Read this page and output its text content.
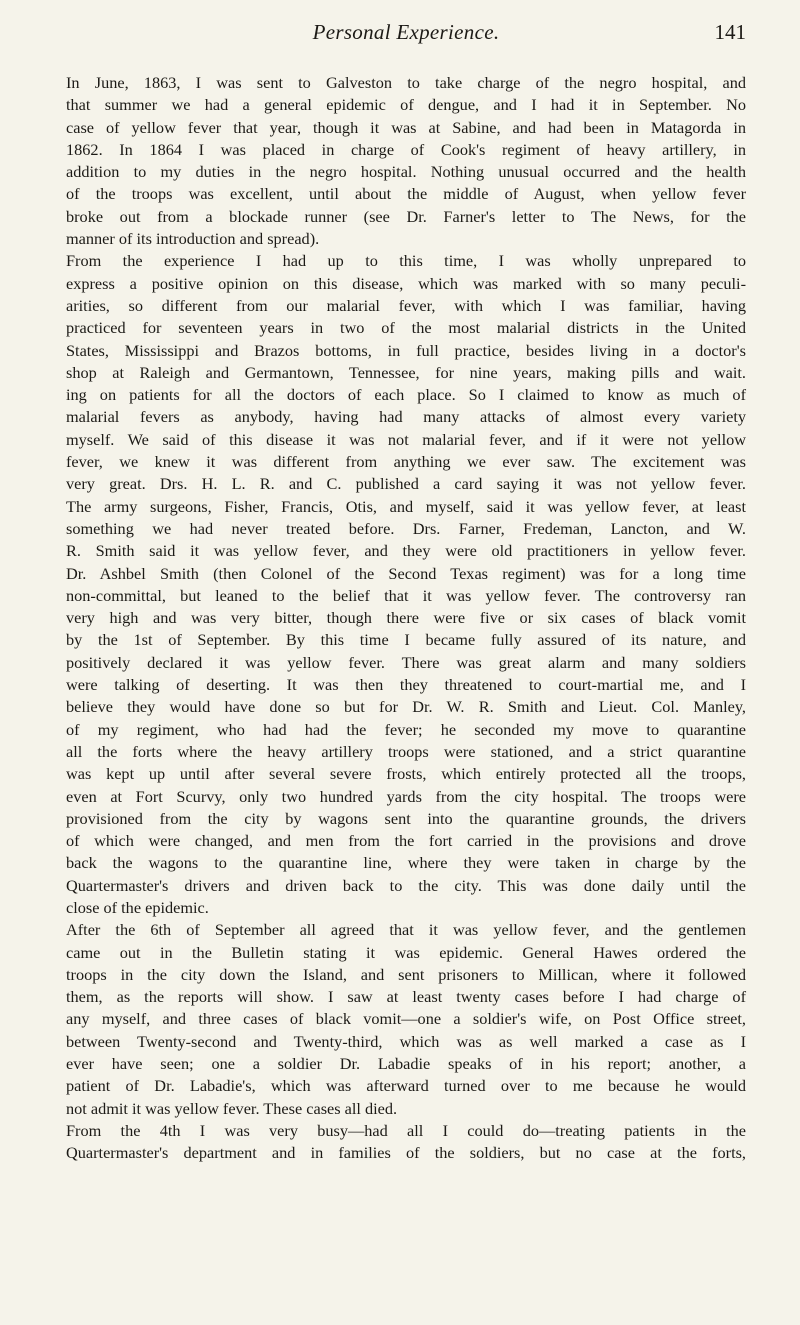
Personal Experience.	141
In June, 1863, I was sent to Galveston to take charge of the negro hospital, and
that summer we had a general epidemic of dengue, and I had it in September. No
case of yellow fever that year, though it was at Sabine, and had been in Matagorda in
1862. In 1864 I was placed in charge of Cook's regiment of heavy artillery, in
addition to my duties in the negro hospital. Nothing unusual occurred and the health
of the troops was excellent, until about the middle of August, when yellow fever
broke out from a blockade runner (see Dr. Farner's letter to The News, for the
manner of its introduction and spread).
From the experience I had up to this time, I was wholly unprepared to
express a positive opinion on this disease, which was marked with so many peculi-
arities, so different from our malarial fever, with which I was familiar, having
practiced for seventeen years in two of the most malarial districts in the United
States, Mississippi and Brazos bottoms, in full practice, besides living in a doctor's
shop at Raleigh and Germantown, Tennessee, for nine years, making pills and wait.
ing on patients for all the doctors of each place. So I claimed to know as much of
malarial fevers as anybody, having had many attacks of almost every variety
myself. We said of this disease it was not malarial fever, and if it were not yellow
fever, we knew it was different from anything we ever saw. The excitement was
very great. Drs. H. L. R. and C. published a card saying it was not yellow fever.
The army surgeons, Fisher, Francis, Otis, and myself, said it was yellow fever, at least
something we had never treated before. Drs. Farner, Fredeman, Lancton, and W.
R. Smith said it was yellow fever, and they were old practitioners in yellow fever.
Dr. Ashbel Smith (then Colonel of the Second Texas regiment) was for a long time
non-committal, but leaned to the belief that it was yellow fever. The controversy ran
very high and was very bitter, though there were five or six cases of black vomit
by the 1st of September. By this time I became fully assured of its nature, and
positively declared it was yellow fever. There was great alarm and many soldiers
were talking of deserting. It was then they threatened to court-martial me, and I
believe they would have done so but for Dr. W. R. Smith and Lieut. Col. Manley,
of my regiment, who had had the fever; he seconded my move to quarantine
all the forts where the heavy artillery troops were stationed, and a strict quarantine
was kept up until after several severe frosts, which entirely protected all the troops,
even at Fort Scurvy, only two hundred yards from the city hospital. The troops were
provisioned from the city by wagons sent into the quarantine grounds, the drivers
of which were changed, and men from the fort carried in the provisions and drove
back the wagons to the quarantine line, where they were taken in charge by the
Quartermaster's drivers and driven back to the city. This was done daily until the
close of the epidemic.
After the 6th of September all agreed that it was yellow fever, and the gentlemen
came out in the Bulletin stating it was epidemic. General Hawes ordered the
troops in the city down the Island, and sent prisoners to Millican, where it followed
them, as the reports will show. I saw at least twenty cases before I had charge of
any myself, and three cases of black vomit—one a soldier's wife, on Post Office street,
between Twenty-second and Twenty-third, which was as well marked a case as I
ever have seen; one a soldier Dr. Labadie speaks of in his report; another, a
patient of Dr. Labadie's, which was afterward turned over to me because he would
not admit it was yellow fever. These cases all died.
From the 4th I was very busy—had all I could do—treating patients in the
Quartermaster's department and in families of the soldiers, but no case at the forts,
